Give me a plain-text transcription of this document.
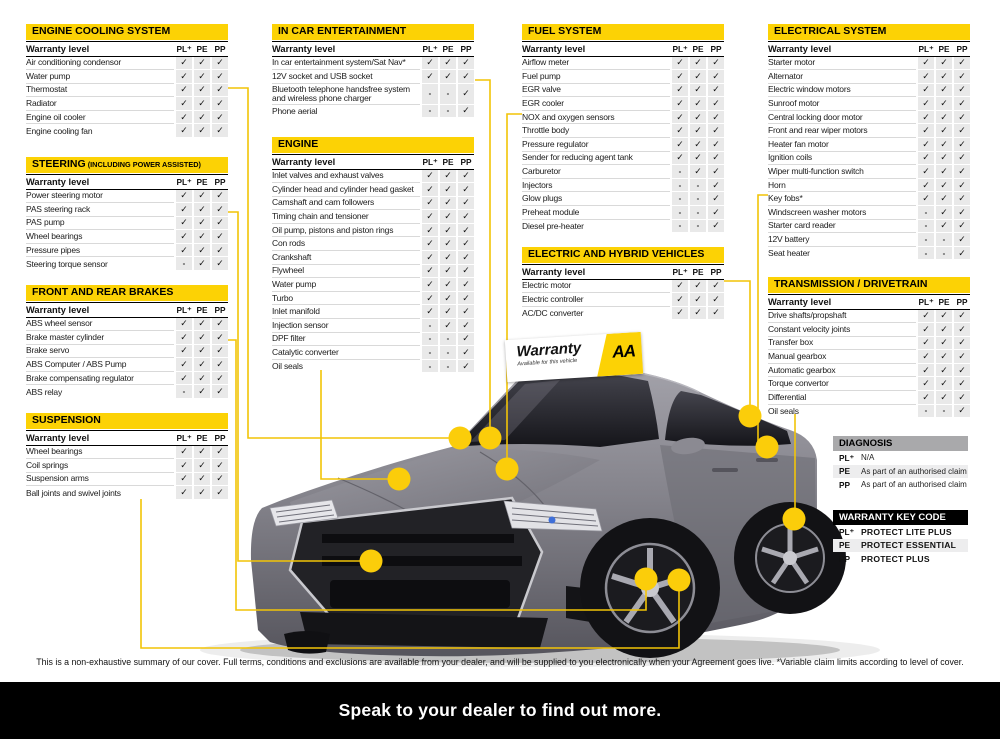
Warranty
Available for this vehicle
AA
ENGINE COOLING SYSTEM
Warranty level	PL⁺ PE PP
Air conditioning condensor	✓	✓	✓
Water pump	✓	✓	✓
Thermostat	✓	✓	✓
Radiator	✓	✓	✓
Engine oil cooler	✓	✓	✓
Engine cooling fan	✓	✓	✓
STEERING (INCLUDING POWER ASSISTED)
Warranty level	PL⁺ PE PP
Power steering motor	✓	✓	✓
PAS steering rack	✓	✓	✓
PAS pump	✓	✓	✓
Wheel bearings	✓	✓	✓
Pressure pipes	✓	✓	✓
Steering torque sensor	-	✓	✓
FRONT AND REAR BRAKES
Warranty level	PL⁺ PE PP
ABS wheel sensor	✓	✓	✓
Brake master cylinder	✓	✓	✓
Brake servo	✓	✓	✓
ABS Computer / ABS Pump	✓	✓	✓
Brake compensating regulator	✓	✓	✓
ABS relay	-	✓	✓
SUSPENSION
Warranty level	PL⁺ PE PP
Wheel bearings	✓	✓	✓
Coil springs	✓	✓	✓
Suspension arms	✓	✓	✓
Ball joints and swivel joints	✓	✓	✓
IN CAR ENTERTAINMENT
Warranty level	PL⁺ PE PP
In car entertainment system/Sat Nav*	✓	✓	✓
12V socket and USB socket	✓	✓	✓
Bluetooth telephone handsfree system and wireless phone charger	-	-	✓
Phone aerial	-	-	✓
ENGINE
Warranty level	PL⁺ PE PP
Inlet valves and exhaust valves	✓	✓	✓
Cylinder head and cylinder head gasket	✓	✓	✓
Camshaft and cam followers	✓	✓	✓
Timing chain and tensioner	✓	✓	✓
Oil pump, pistons and piston rings	✓	✓	✓
Con rods	✓	✓	✓
Crankshaft	✓	✓	✓
Flywheel	✓	✓	✓
Water pump	✓	✓	✓
Turbo	✓	✓	✓
Inlet manifold	✓	✓	✓
Injection sensor	-	✓	✓
DPF filter	-	-	✓
Catalytic converter	-	-	✓
Oil seals	-	-	✓
FUEL SYSTEM
Warranty level	PL⁺ PE PP
Airflow meter	✓	✓	✓
Fuel pump	✓	✓	✓
EGR valve	✓	✓	✓
EGR cooler	✓	✓	✓
NOX and oxygen sensors	✓	✓	✓
Throttle body	✓	✓	✓
Pressure regulator	✓	✓	✓
Sender for reducing agent tank	✓	✓	✓
Carburetor	-	✓	✓
Injectors	-	-	✓
Glow plugs	-	-	✓
Preheat module	-	-	✓
Diesel pre-heater	-	-	✓
ELECTRIC AND HYBRID VEHICLES
Warranty level	PL⁺ PE PP
Electric motor	✓	✓	✓
Electric controller	✓	✓	✓
AC/DC converter	✓	✓	✓
ELECTRICAL SYSTEM
Warranty level	PL⁺ PE PP
Starter motor	✓	✓	✓
Alternator	✓	✓	✓
Electric window motors	✓	✓	✓
Sunroof motor	✓	✓	✓
Central locking door motor	✓	✓	✓
Front and rear wiper motors	✓	✓	✓
Heater fan motor	✓	✓	✓
Ignition coils	✓	✓	✓
Wiper multi-function switch	✓	✓	✓
Horn	✓	✓	✓
Key fobs*	✓	✓	✓
Windscreen washer motors	-	✓	✓
Starter card reader	-	✓	✓
12V battery	-	-	✓
Seat heater	-	-	✓
TRANSMISSION / DRIVETRAIN
Warranty level	PL⁺ PE PP
Drive shafts/propshaft	✓	✓	✓
Constant velocity joints	✓	✓	✓
Transfer box	✓	✓	✓
Manual gearbox	✓	✓	✓
Automatic gearbox	✓	✓	✓
Torque convertor	✓	✓	✓
Differential	✓	✓	✓
Oil seals	-	-	✓
DIAGNOSIS
PL⁺ N/A
PE	As part of an authorised claim
PP	As part of an authorised claim
WARRANTY KEY CODE
PL⁺ PROTECT LITE PLUS
PE	PROTECT ESSENTIAL
PP	PROTECT PLUS
This is a non-exhaustive summary of our cover. Full terms, conditions and exclusions are available from your dealer, and will be supplied to you electronically when your Agreement goes live. *Variable claim limits according to level of cover.
Speak to your dealer to find out more.
